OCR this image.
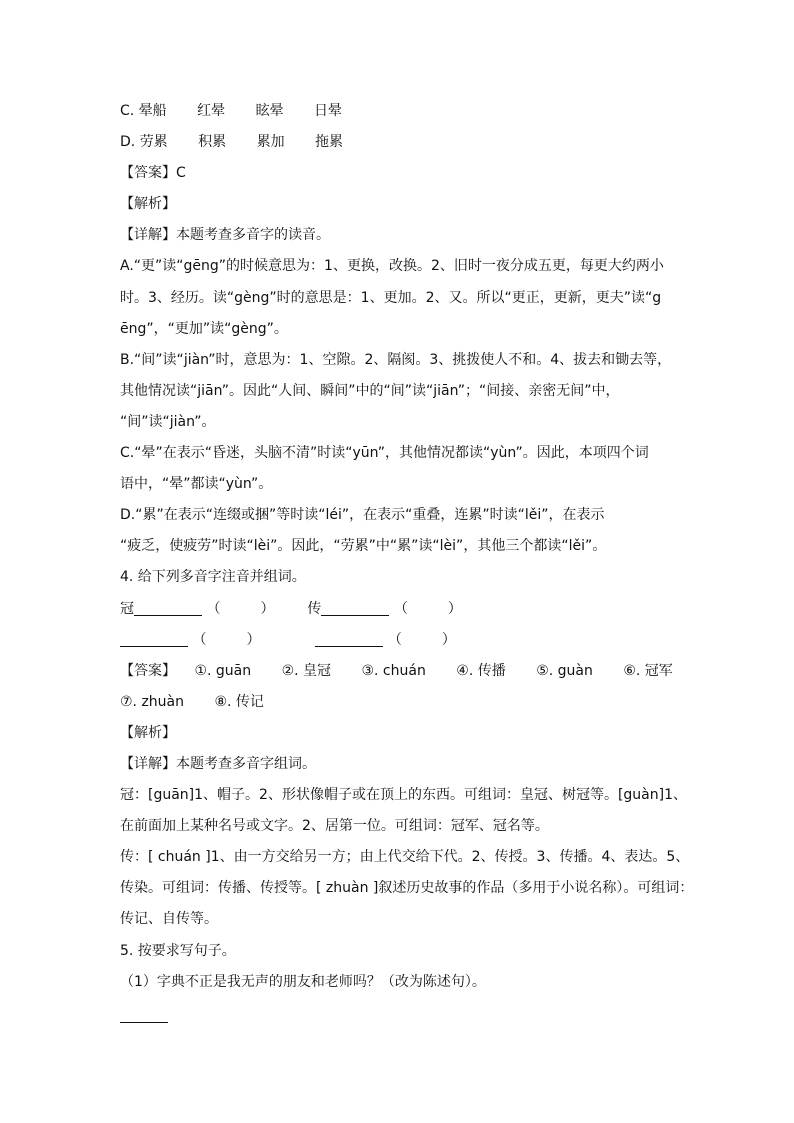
C. 晕船 红晕 眩晕 日晕
D. 劳累 积累 累加 拖累
【答案】C
【解析】
【详解】本题考查多音字的读音。
A.“更”读“gēng”的时候意思为：1、更换，改换。2、旧时一夜分成五更，每更大约两小
时。3、经历。读“gèng”时的意思是：1、更加。2、又。所以“更正，更新，更夫”读“g
ēng”，“更加”读“gèng”。
B.“间”读“jiàn”时，意思为：1、空隙。2、隔阂。3、挑拨使人不和。4、拔去和锄去等，
其他情况读“jiān”。因此“人间、瞬间”中的“间”读“jiān”；“间接、亲密无间”中，
“间”读“jiàn”。
C.“晕”在表示“昏迷，头脑不清”时读“yūn”，其他情况都读“yùn”。因此，本项四个词
语中，“晕”都读“yùn”。
D.“累”在表示“连缀或捆”等时读“léi”，在表示“重叠，连累”时读“lěi”，在表示
“疲乏，使疲劳”时读“lèi”。因此，“劳累”中“累”读“lèi”，其他三个都读“lěi”。
4. 给下列多音字注音并组词。
冠	（	） 传	（	）
（	）	（	）
【答案】 ①. guān ②. 皇冠 ③. chuán ④. 传播 ⑤. guàn ⑥. 冠军
⑦. zhuàn ⑧. 传记
【解析】
【详解】本题考查多音字组词。
冠：[guān]1、帽子。2、形状像帽子或在顶上的东西。可组词：皇冠、树冠等。[guàn]1、
在前面加上某种名号或文字。2、居第一位。可组词：冠军、冠名等。
传：[ chuán ]1、由一方交给另一方；由上代交给下代。2、传授。3、传播。4、表达。5、
传染。可组词：传播、传授等。[ zhuàn ]叙述历史故事的作品（多用于小说名称）。可组词：
传记、自传等。
5. 按要求写句子。
（1）字典不正是我无声的朋友和老师吗？（改为陈述句）。
